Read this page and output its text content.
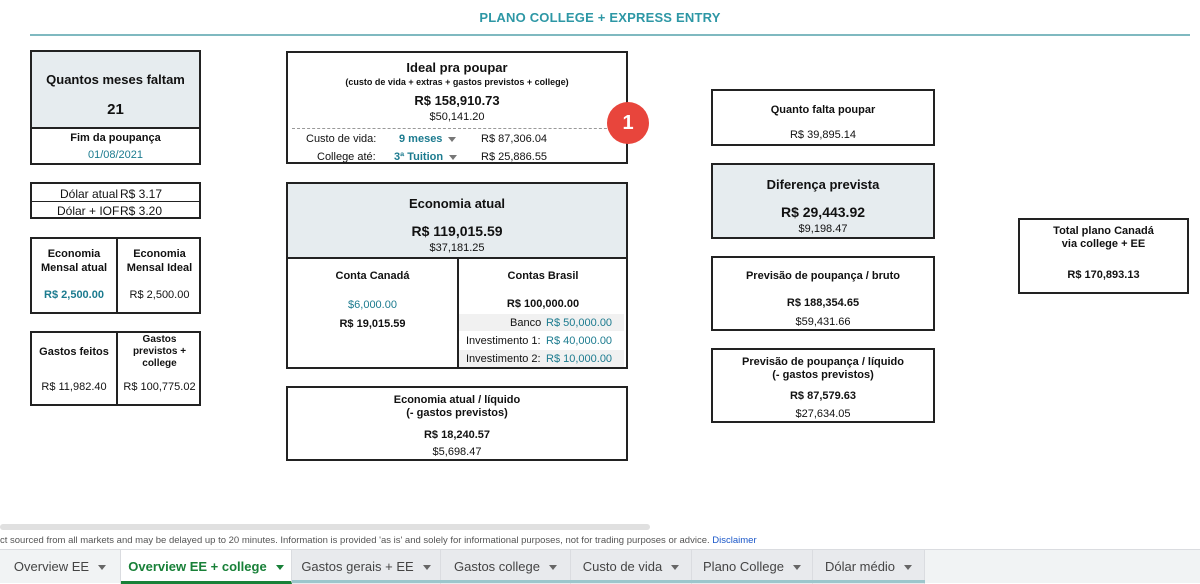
PLANO COLLEGE + EXPRESS ENTRY
Quantos meses faltam
21
Fim da poupança
01/08/2021
Dólar atual R$ 3.17
Dólar + IOF R$ 3.20
Economia
Mensal atual
R$ 2,500.00
Economia
Mensal Ideal
R$ 2,500.00
Gastos feitos
R$ 11,982.40
Gastos
previstos +
college
R$ 100,775.02
Ideal pra poupar
(custo de vida + extras + gastos previstos + college)
R$ 158,910.73
$50,141.20
Custo de vida: 9 meses	R$ 87,306.04
College até: 3ª Tuition	R$ 25,886.55
1
Economia atual
R$ 119,015.59
$37,181.25
Conta Canadá
$6,000.00
R$ 19,015.59
Contas Brasil
R$ 100,000.00
Banco R$ 50,000.00
Investimento 1: R$ 40,000.00
Investimento 2: R$ 10,000.00
Economia atual / líquido
(- gastos previstos)
R$ 18,240.57
$5,698.47
Quanto falta poupar
R$ 39,895.14
Diferença prevista
R$ 29,443.92
$9,198.47
Previsão de poupança / bruto
R$ 188,354.65
$59,431.66
Previsão de poupança / líquido
(- gastos previstos)
R$ 87,579.63
$27,634.05
Total plano Canadá
via college + EE
R$ 170,893.13
ct sourced from all markets and may be delayed up to 20 minutes. Information is provided 'as is' and solely for informational purposes, not for trading purposes or advice. Disclaimer
Overview EE	Overview EE + college	Gastos gerais + EE	Gastos college	Custo de vida	Plano College	Dólar médio
